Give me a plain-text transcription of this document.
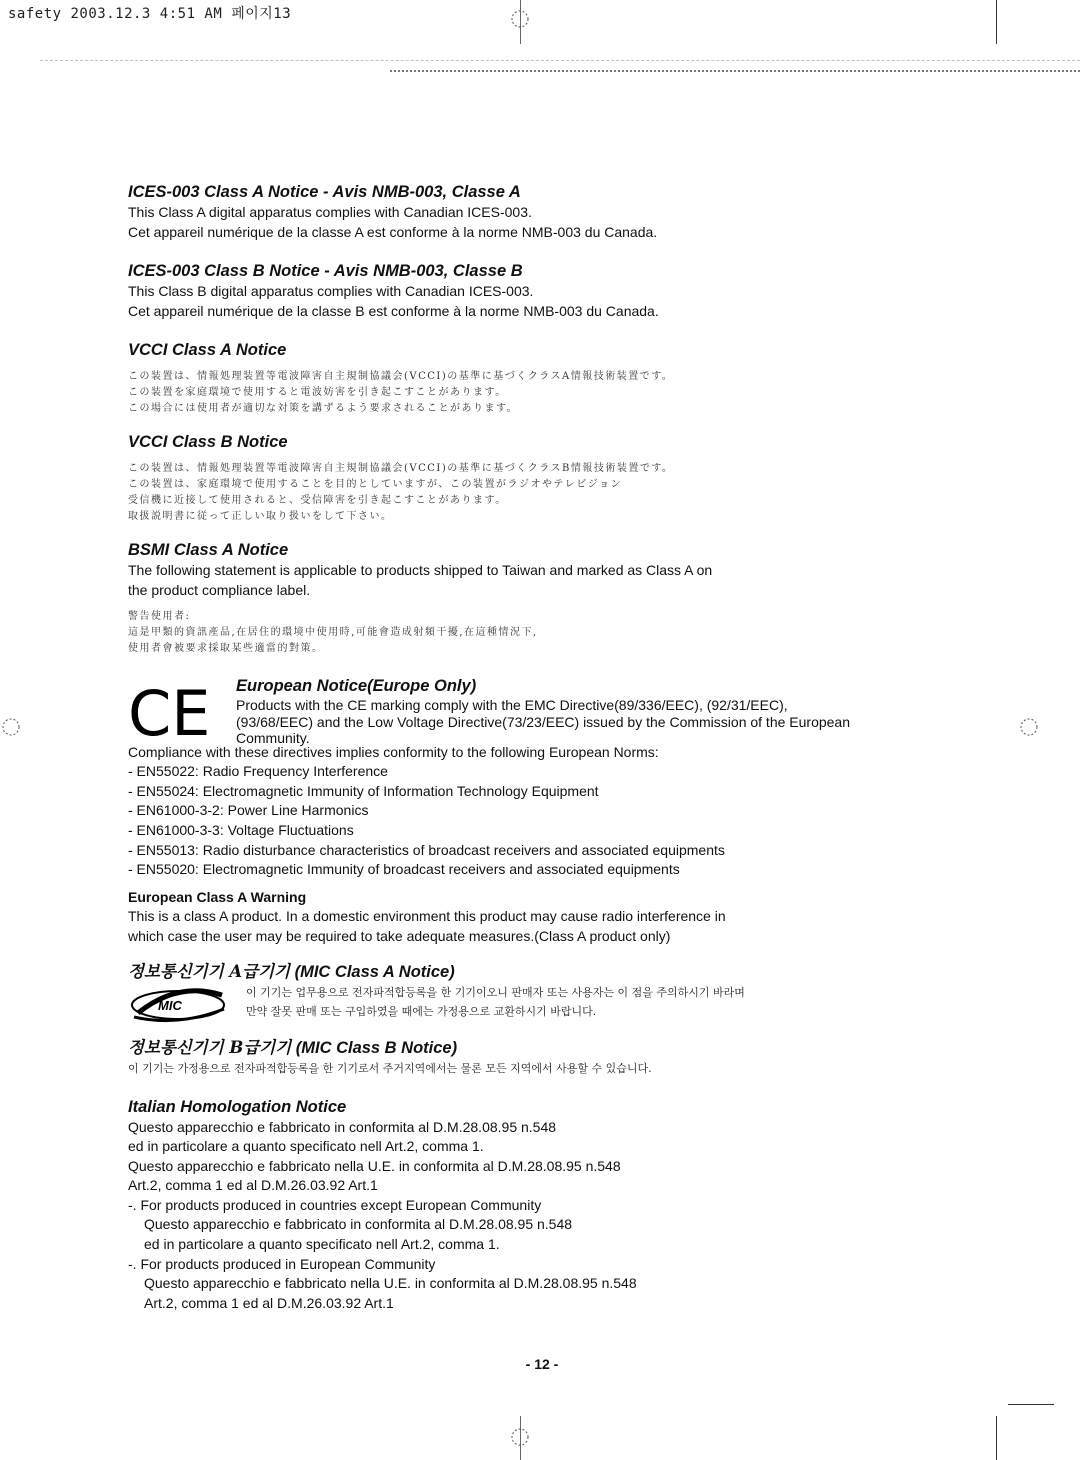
safety 2003.12.3 4:51 AM 페이지13
ICES-003 Class A Notice - Avis NMB-003, Classe A

This Class A digital apparatus complies with Canadian ICES-003.

Cet appareil numérique de la classe A est conforme à la norme NMB-003 du Canada.

ICES-003 Class B Notice - Avis NMB-003, Classe B

This Class B digital apparatus complies with Canadian ICES-003.

Cet appareil numérique de la classe B est conforme à la norme NMB-003 du Canada.

VCCI Class A Notice

この装置は、情報処理装置等電波障害自主規制協議会(VCCI)の基準に基づくクラスA情報技術装置です。

この装置を家庭環境で使用すると電波妨害を引き起こすことがあります。

この場合には使用者が適切な対策を講ずるよう要求されることがあります。

VCCI Class B Notice

この装置は、情報処理装置等電波障害自主規制協議会(VCCI)の基準に基づくクラスB情報技術装置です。

この装置は、家庭環境で使用することを目的としていますが、この装置がラジオやテレビジョン

受信機に近接して使用されると、受信障害を引き起こすことがあります。

取扱説明書に従って正しい取り扱いをして下さい。

BSMI Class A Notice

The following statement is applicable to products shipped to Taiwan and marked as Class A on

the product compliance label.

警告使用者:

這是甲類的資訊產品,在居住的環境中使用時,可能會造成射頻干擾,在這種情況下,

使用者會被要求採取某些適當的對策。

CE European Notice(Europe Only)

Products with the CE marking comply with the EMC Directive(89/336/EEC), (92/31/EEC),

(93/68/EEC) and the Low Voltage Directive(73/23/EEC) issued by the Commission of the European

Community.

Compliance with these directives implies conformity to the following European Norms:

- EN55022: Radio Frequency Interference

- EN55024: Electromagnetic Immunity of Information Technology Equipment

- EN61000-3-2: Power Line Harmonics

- EN61000-3-3: Voltage Fluctuations

- EN55013: Radio disturbance characteristics of broadcast receivers and associated equipments

- EN55020: Electromagnetic Immunity of broadcast receivers and associated equipments

European Class A Warning

This is a class A product. In a domestic environment this product may cause radio interference in

which case the user may be required to take adequate measures.(Class A product only)

정보통신기기 A급기기 (MIC Class A Notice)

MIC

이 기기는 업무용으로 전자파적합등록을 한 기기이오니 판매자 또는 사용자는 이 점을 주의하시기 바라며

만약 잘못 판매 또는 구입하였을 때에는 가정용으로 교환하시기 바랍니다.

정보통신기기 B급기기 (MIC Class B Notice)

이 기기는 가정용으로 전자파적합등록을 한 기기로서 주거지역에서는 물론 모든 지역에서 사용할 수 있습니다.

Italian Homologation Notice

Questo apparecchio e fabbricato in conformita al D.M.28.08.95 n.548

ed in particolare a quanto specificato nell Art.2, comma 1.

Questo apparecchio e fabbricato nella U.E. in conformita al D.M.28.08.95 n.548

Art.2, comma 1 ed al D.M.26.03.92 Art.1

-. For products produced in countries except European Community

Questo apparecchio e fabbricato in conformita al D.M.28.08.95 n.548

ed in particolare a quanto specificato nell Art.2, comma 1.

-. For products produced in European Community

Questo apparecchio e fabbricato nella U.E. in conformita al D.M.28.08.95 n.548

Art.2, comma 1 ed al D.M.26.03.92 Art.1

- 12 -
